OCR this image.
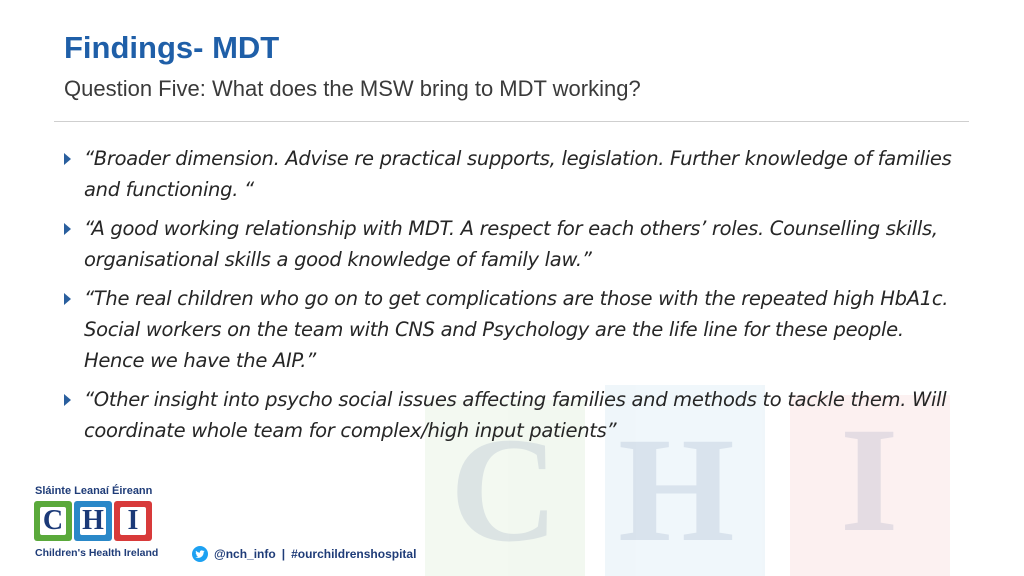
C H I
Findings- MDT

Question Five: What does the MSW bring to MDT working?

“Broader dimension. Advise re practical supports, legislation. Further knowledge of families and functioning. “
“A good working relationship with MDT. A respect for each others’ roles. Counselling skills, organisational skills a good knowledge of family law.”
“The real children who go on to get complications are those with the repeated high HbA1c. Social workers on the team with CNS and Psychology are the life line for these people. Hence we have the AIP.”
“Other insight into psycho social issues affecting families and methods to tackle them. Will coordinate whole team for complex/high input patients”
Sláinte Leanaí Éireann
C H I
Children's Health Ireland	@nch_info | #ourchildrenshospital
